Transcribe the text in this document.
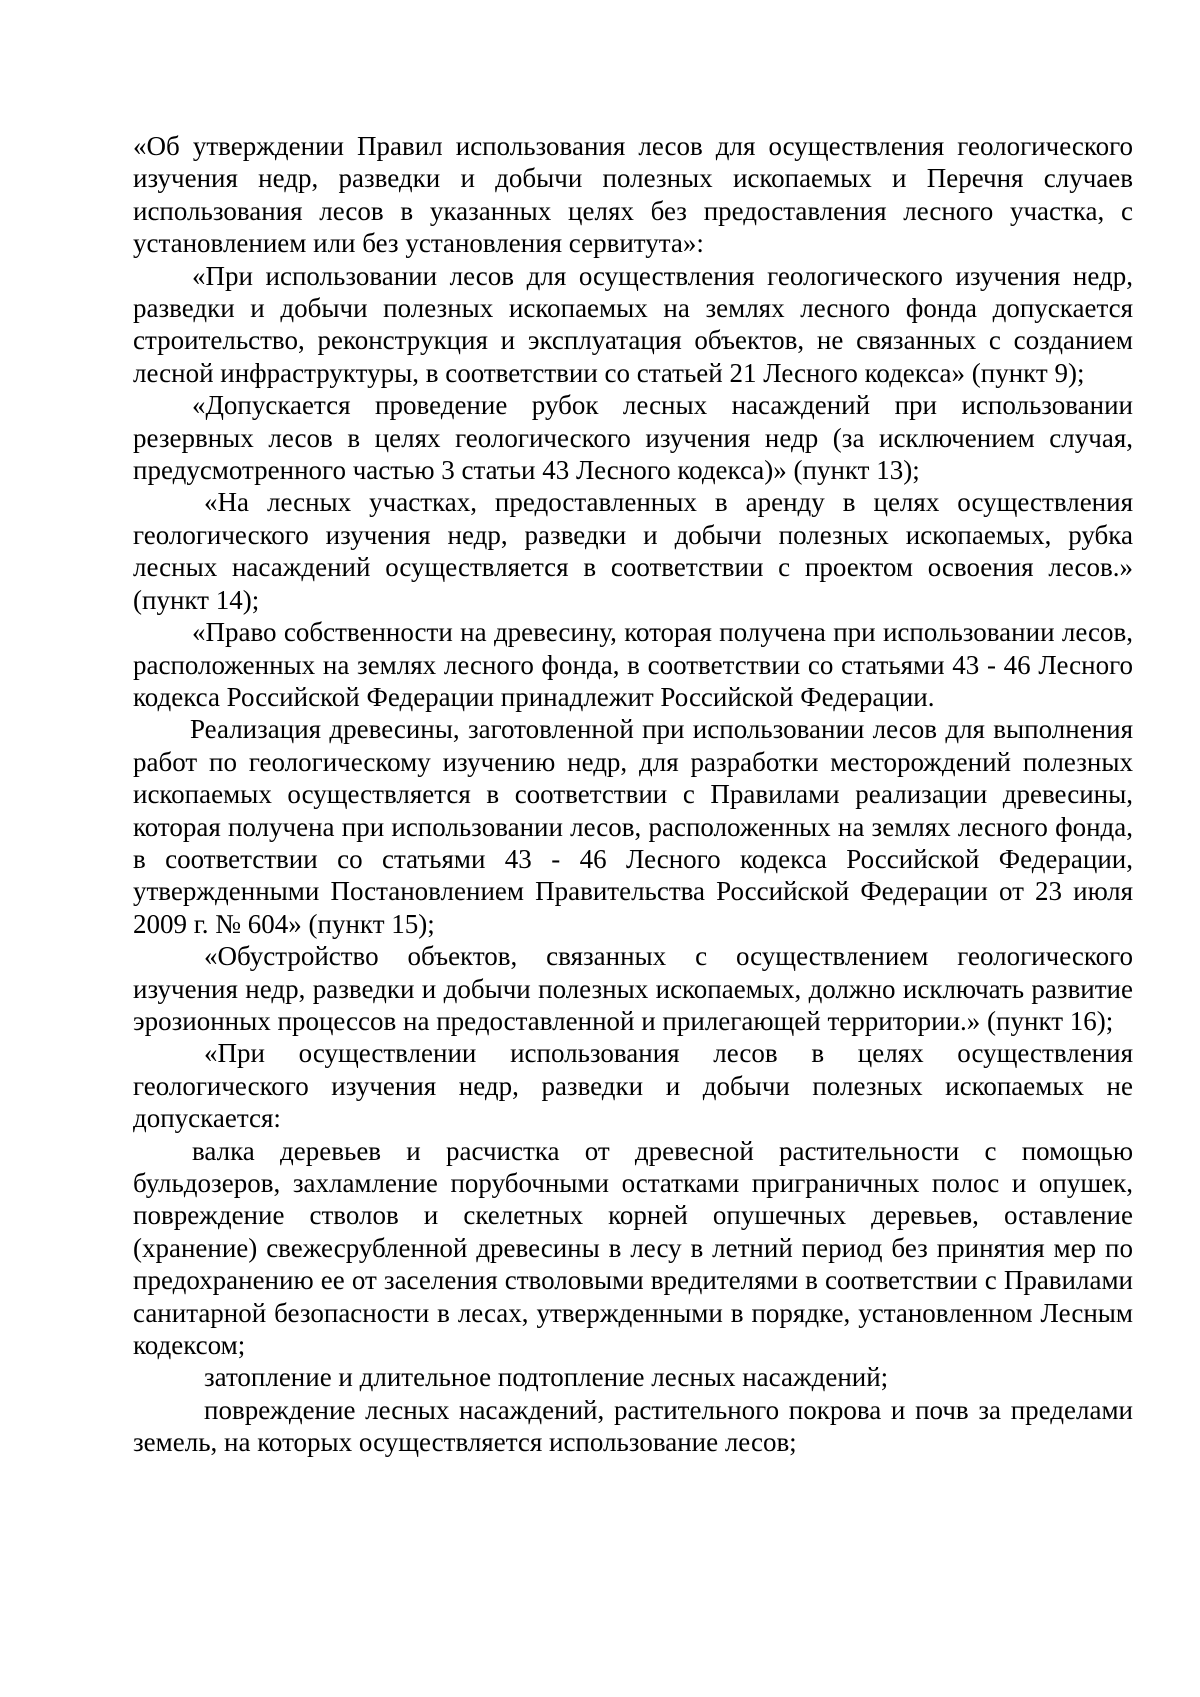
«Об утверждении Правил использования лесов для осуществления геологического изучения недр, разведки и добычи полезных ископаемых и Перечня случаев использования лесов в указанных целях без предоставления лесного участка, с установлением или без установления сервитута»:

«При использовании лесов для осуществления геологического изучения недр, разведки и добычи полезных ископаемых на землях лесного фонда допускается строительство, реконструкция и эксплуатация объектов, не связанных с созданием лесной инфраструктуры, в соответствии со статьей 21 Лесного кодекса» (пункт 9);

«Допускается проведение рубок лесных насаждений при использовании резервных лесов в целях геологического изучения недр (за исключением случая, предусмотренного частью 3 статьи 43 Лесного кодекса)» (пункт 13);

«На лесных участках, предоставленных в аренду в целях осуществления геологического изучения недр, разведки и добычи полезных ископаемых, рубка лесных насаждений осуществляется в соответствии с проектом освоения лесов.» (пункт 14);

«Право собственности на древесину, которая получена при использовании лесов, расположенных на землях лесного фонда, в соответствии со статьями 43 - 46 Лесного кодекса Российской Федерации принадлежит Российской Федерации.

Реализация древесины, заготовленной при использовании лесов для выполнения работ по геологическому изучению недр, для разработки месторождений полезных ископаемых осуществляется в соответствии с Правилами реализации древесины, которая получена при использовании лесов, расположенных на землях лесного фонда, в соответствии со статьями 43 - 46 Лесного кодекса Российской Федерации, утвержденными Постановлением Правительства Российской Федерации от 23 июля 2009 г. № 604» (пункт 15);

«Обустройство объектов, связанных с осуществлением геологического изучения недр, разведки и добычи полезных ископаемых, должно исключать развитие эрозионных процессов на предоставленной и прилегающей территории.» (пункт 16);

«При осуществлении использования лесов в целях осуществления геологического изучения недр, разведки и добычи полезных ископаемых не допускается:

валка деревьев и расчистка от древесной растительности с помощью бульдозеров, захламление порубочными остатками приграничных полос и опушек, повреждение стволов и скелетных корней опушечных деревьев, оставление (хранение) свежесрубленной древесины в лесу в летний период без принятия мер по предохранению ее от заселения стволовыми вредителями в соответствии с Правилами санитарной безопасности в лесах, утвержденными в порядке, установленном Лесным кодексом;

затопление и длительное подтопление лесных насаждений;

повреждение лесных насаждений, растительного покрова и почв за пределами земель, на которых осуществляется использование лесов;
